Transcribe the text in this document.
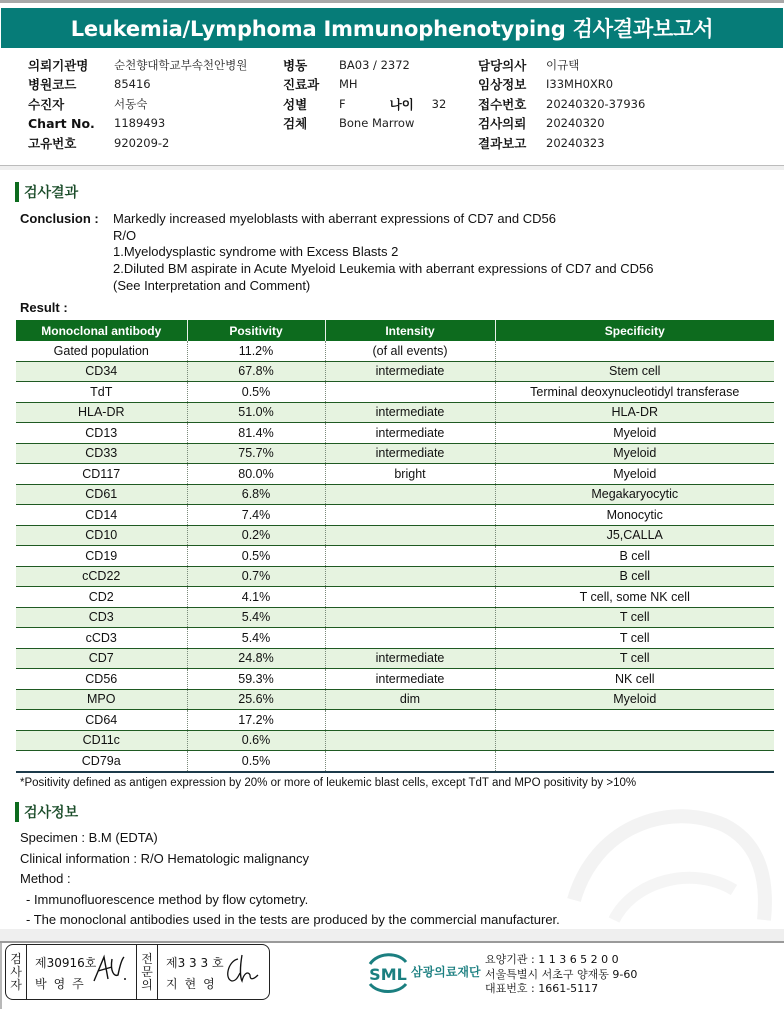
Leukemia/Lymphoma Immunophenotyping 검사결과보고서
의뢰기관명	순천향대학교부속천안병원
병원코드	85416
수진자	서동숙
Chart No.	1189493
고유번호	920209-2
병동	BA03 / 2372
진료과	MH
성별	F	나이	32
검체	Bone Marrow
담당의사	이규택
임상정보	I33MH0XR0
접수번호	20240320-37936
검사의뢰	20240320
결과보고	20240323
검사결과
Conclusion :	Markedly increased myeloblasts with aberrant expressions of CD7 and CD56
R/O
1.Myelodysplastic syndrome with Excess Blasts 2
2.Diluted BM aspirate in Acute Myeloid Leukemia with aberrant expressions of CD7 and CD56
(See Interpretation and Comment)
Result :
Monoclonal antibody	Positivity	Intensity	Specificity
Gated population	11.2%	(of all events)	
CD34	67.8%	intermediate	Stem cell
TdT	0.5%		Terminal deoxynucleotidyl transferase
HLA-DR	51.0%	intermediate	HLA-DR
CD13	81.4%	intermediate	Myeloid
CD33	75.7%	intermediate	Myeloid
CD117	80.0%	bright	Myeloid
CD61	6.8%		Megakaryocytic
CD14	7.4%		Monocytic
CD10	0.2%		J5,CALLA
CD19	0.5%		B cell
cCD22	0.7%		B cell
CD2	4.1%		T cell, some NK cell
CD3	5.4%		T cell
cCD3	5.4%		T cell
CD7	24.8%	intermediate	T cell
CD56	59.3%	intermediate	NK cell
MPO	25.6%	dim	Myeloid
CD64	17.2%		
CD11c	0.6%		
CD79a	0.5%		
*Positivity defined as antigen expression by 20% or more of leukemic blast cells, except TdT and MPO positivity by >10%
검사정보
Specimen : B.M (EDTA)
Clinical information : R/O Hematologic malignancy
Method :
- Immunofluorescence method by flow cytometry.
- The monoclonal antibodies used in the tests are produced by the commercial manufacturer.
검
사
자
제30916호
박영주
전
문
의
제3 3 3 호
지현영	SML 삼광의료재단
요양기관 : 1 1 3 6 5 2 0 0
서울특별시 서초구 양재동 9-60
대표번호 : 1661-5117
